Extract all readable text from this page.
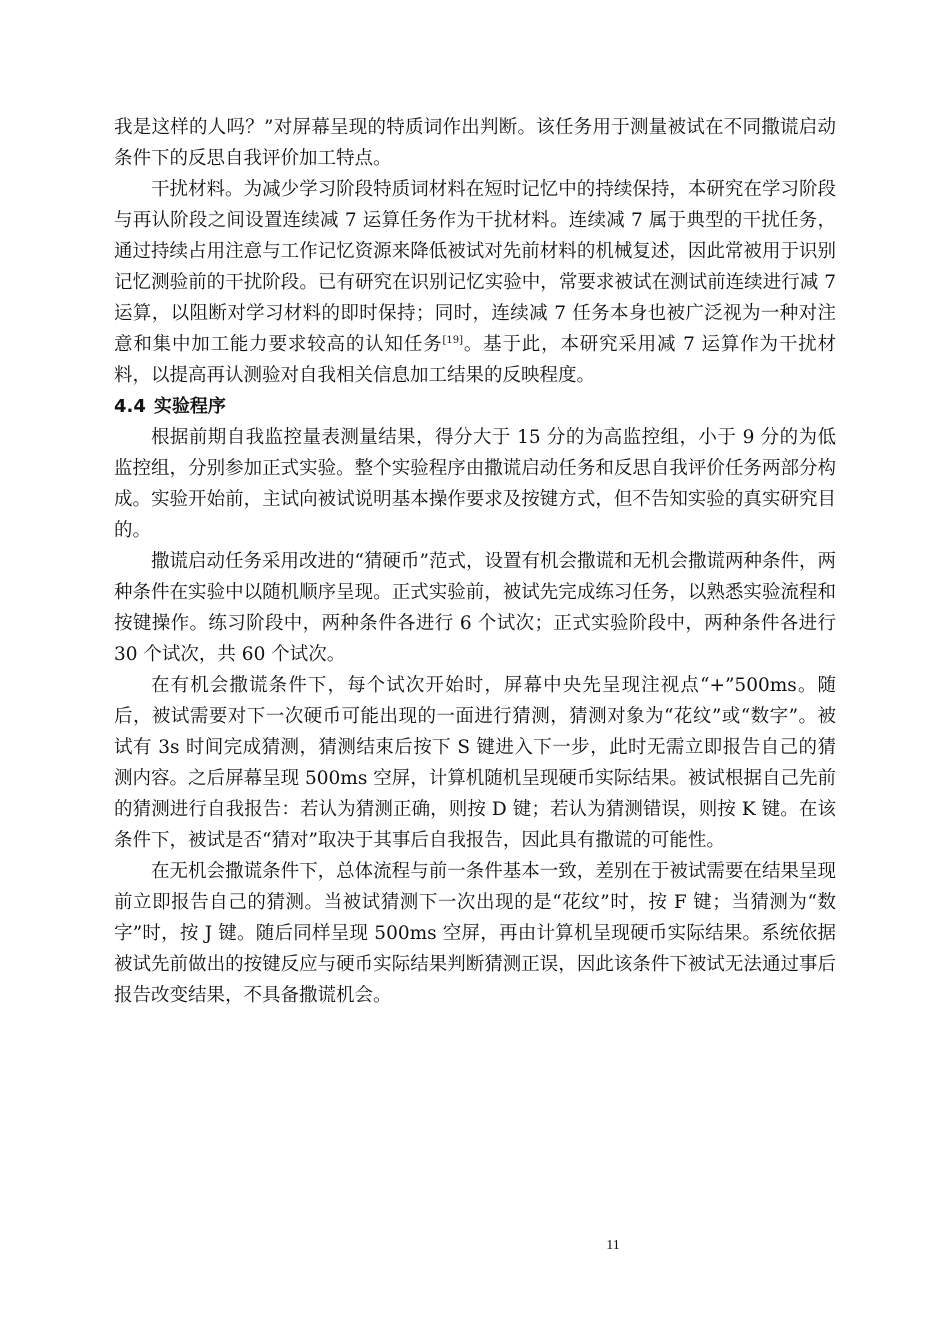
我是这样的人吗？”对屏幕呈现的特质词作出判断。该任务用于测量被试在不同撒谎启动条件下的反思自我评价加工特点。

干扰材料。为减少学习阶段特质词材料在短时记忆中的持续保持，本研究在学习阶段与再认阶段之间设置连续减 7 运算任务作为干扰材料。连续减 7 属于典型的干扰任务，通过持续占用注意与工作记忆资源来降低被试对先前材料的机械复述，因此常被用于识别记忆测验前的干扰阶段。已有研究在识别记忆实验中，常要求被试在测试前连续进行减 7 运算，以阻断对学习材料的即时保持；同时，连续减 7 任务本身也被广泛视为一种对注意和集中加工能力要求较高的认知任务[19]。基于此，本研究采用减 7 运算作为干扰材料，以提高再认测验对自我相关信息加工结果的反映程度。

4.4 实验程序

根据前期自我监控量表测量结果，得分大于 15 分的为高监控组，小于 9 分的为低监控组，分别参加正式实验。整个实验程序由撒谎启动任务和反思自我评价任务两部分构成。实验开始前，主试向被试说明基本操作要求及按键方式，但不告知实验的真实研究目的。

撒谎启动任务采用改进的“猜硬币”范式，设置有机会撒谎和无机会撒谎两种条件，两种条件在实验中以随机顺序呈现。正式实验前，被试先完成练习任务，以熟悉实验流程和按键操作。练习阶段中，两种条件各进行 6 个试次；正式实验阶段中，两种条件各进行 30 个试次，共 60 个试次。

在有机会撒谎条件下，每个试次开始时，屏幕中央先呈现注视点“+”500ms。随后，被试需要对下一次硬币可能出现的一面进行猜测，猜测对象为“花纹”或“数字”。被试有 3s 时间完成猜测，猜测结束后按下 S 键进入下一步，此时无需立即报告自己的猜测内容。之后屏幕呈现 500ms 空屏，计算机随机呈现硬币实际结果。被试根据自己先前的猜测进行自我报告：若认为猜测正确，则按 D 键；若认为猜测错误，则按 K 键。在该条件下，被试是否“猜对”取决于其事后自我报告，因此具有撒谎的可能性。

在无机会撒谎条件下，总体流程与前一条件基本一致，差别在于被试需要在结果呈现前立即报告自己的猜测。当被试猜测下一次出现的是“花纹”时，按 F 键；当猜测为“数字”时，按 J 键。随后同样呈现 500ms 空屏，再由计算机呈现硬币实际结果。系统依据被试先前做出的按键反应与硬币实际结果判断猜测正误，因此该条件下被试无法通过事后报告改变结果，不具备撒谎机会。

11
